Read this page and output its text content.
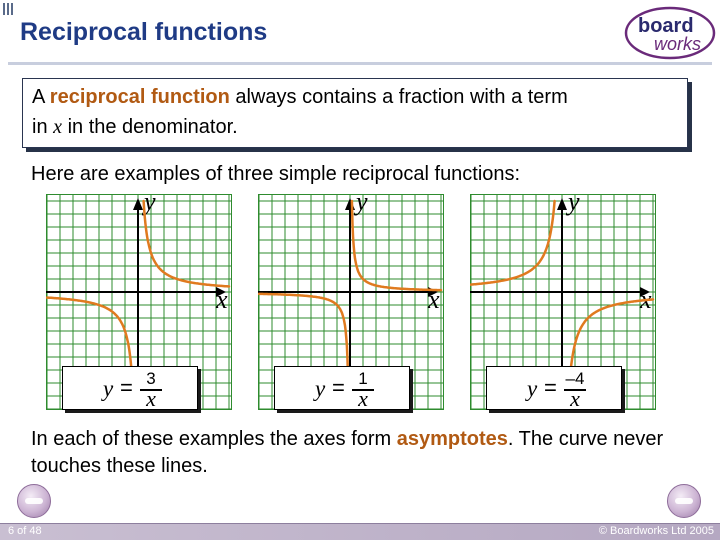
Reciprocal functions	board
works
A reciprocal function always contains a fraction with a term
in x in the denominator.
Here are examples of three simple reciprocal functions:
x
y
x
y
x
y
y = 3
x	y = 1
x	y = –4
x
In each of these examples the axes form asymptotes. The curve never touches these lines.
6 of 48	© Boardworks Ltd 2005
